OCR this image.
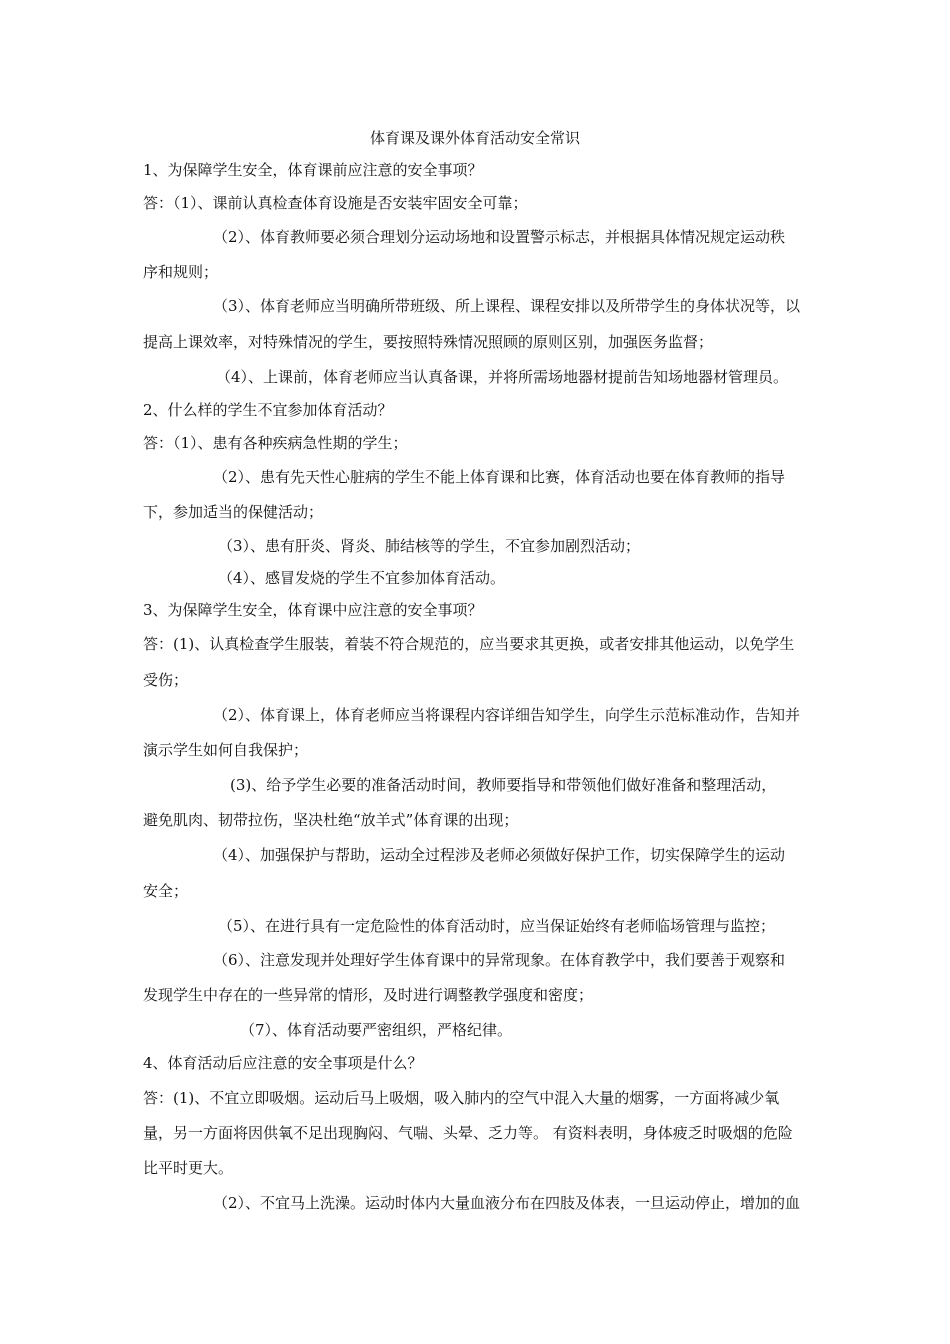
体育课及课外体育活动安全常识
1、为保障学生安全，体育课前应注意的安全事项？
答：（1）、课前认真检查体育设施是否安装牢固安全可靠；
（2）、体育教师要必须合理划分运动场地和设置警示标志，并根据具体情况规定运动秩
序和规则；
（3）、体育老师应当明确所带班级、所上课程、课程安排以及所带学生的身体状况等，以
提高上课效率，对特殊情况的学生，要按照特殊情况照顾的原则区别，加强医务监督；
（4）、上课前，体育老师应当认真备课，并将所需场地器材提前告知场地器材管理员。
2、什么样的学生不宜参加体育活动？
答：（1）、患有各种疾病急性期的学生；
（2）、患有先天性心脏病的学生不能上体育课和比赛，体育活动也要在体育教师的指导
下，参加适当的保健活动；
（3）、患有肝炎、肾炎、肺结核等的学生，不宜参加剧烈活动；
（4）、感冒发烧的学生不宜参加体育活动。
3、为保障学生安全，体育课中应注意的安全事项？
答：(1)、认真检查学生服装，着装不符合规范的，应当要求其更换，或者安排其他运动，以免学生
受伤；
（2）、体育课上，体育老师应当将课程内容详细告知学生，向学生示范标准动作，告知并
演示学生如何自我保护；
(3)、给予学生必要的准备活动时间，教师要指导和带领他们做好准备和整理活动，
避免肌肉、韧带拉伤，坚决杜绝“放羊式”体育课的出现；
（4）、加强保护与帮助，运动全过程涉及老师必须做好保护工作，切实保障学生的运动
安全；
（5）、在进行具有一定危险性的体育活动时，应当保证始终有老师临场管理与监控；
（6）、注意发现并处理好学生体育课中的异常现象。在体育教学中，我们要善于观察和
发现学生中存在的一些异常的情形，及时进行调整教学强度和密度；
（7）、体育活动要严密组织，严格纪律。
4、体育活动后应注意的安全事项是什么？
答：(1)、不宜立即吸烟。运动后马上吸烟，吸入肺内的空气中混入大量的烟雾，一方面将减少氧
量，另一方面将因供氧不足出现胸闷、气喘、头晕、乏力等。 有资料表明，身体疲乏时吸烟的危险
比平时更大。
（2）、不宜马上洗澡。运动时体内大量血液分布在四肢及体表，一旦运动停止，增加的血
